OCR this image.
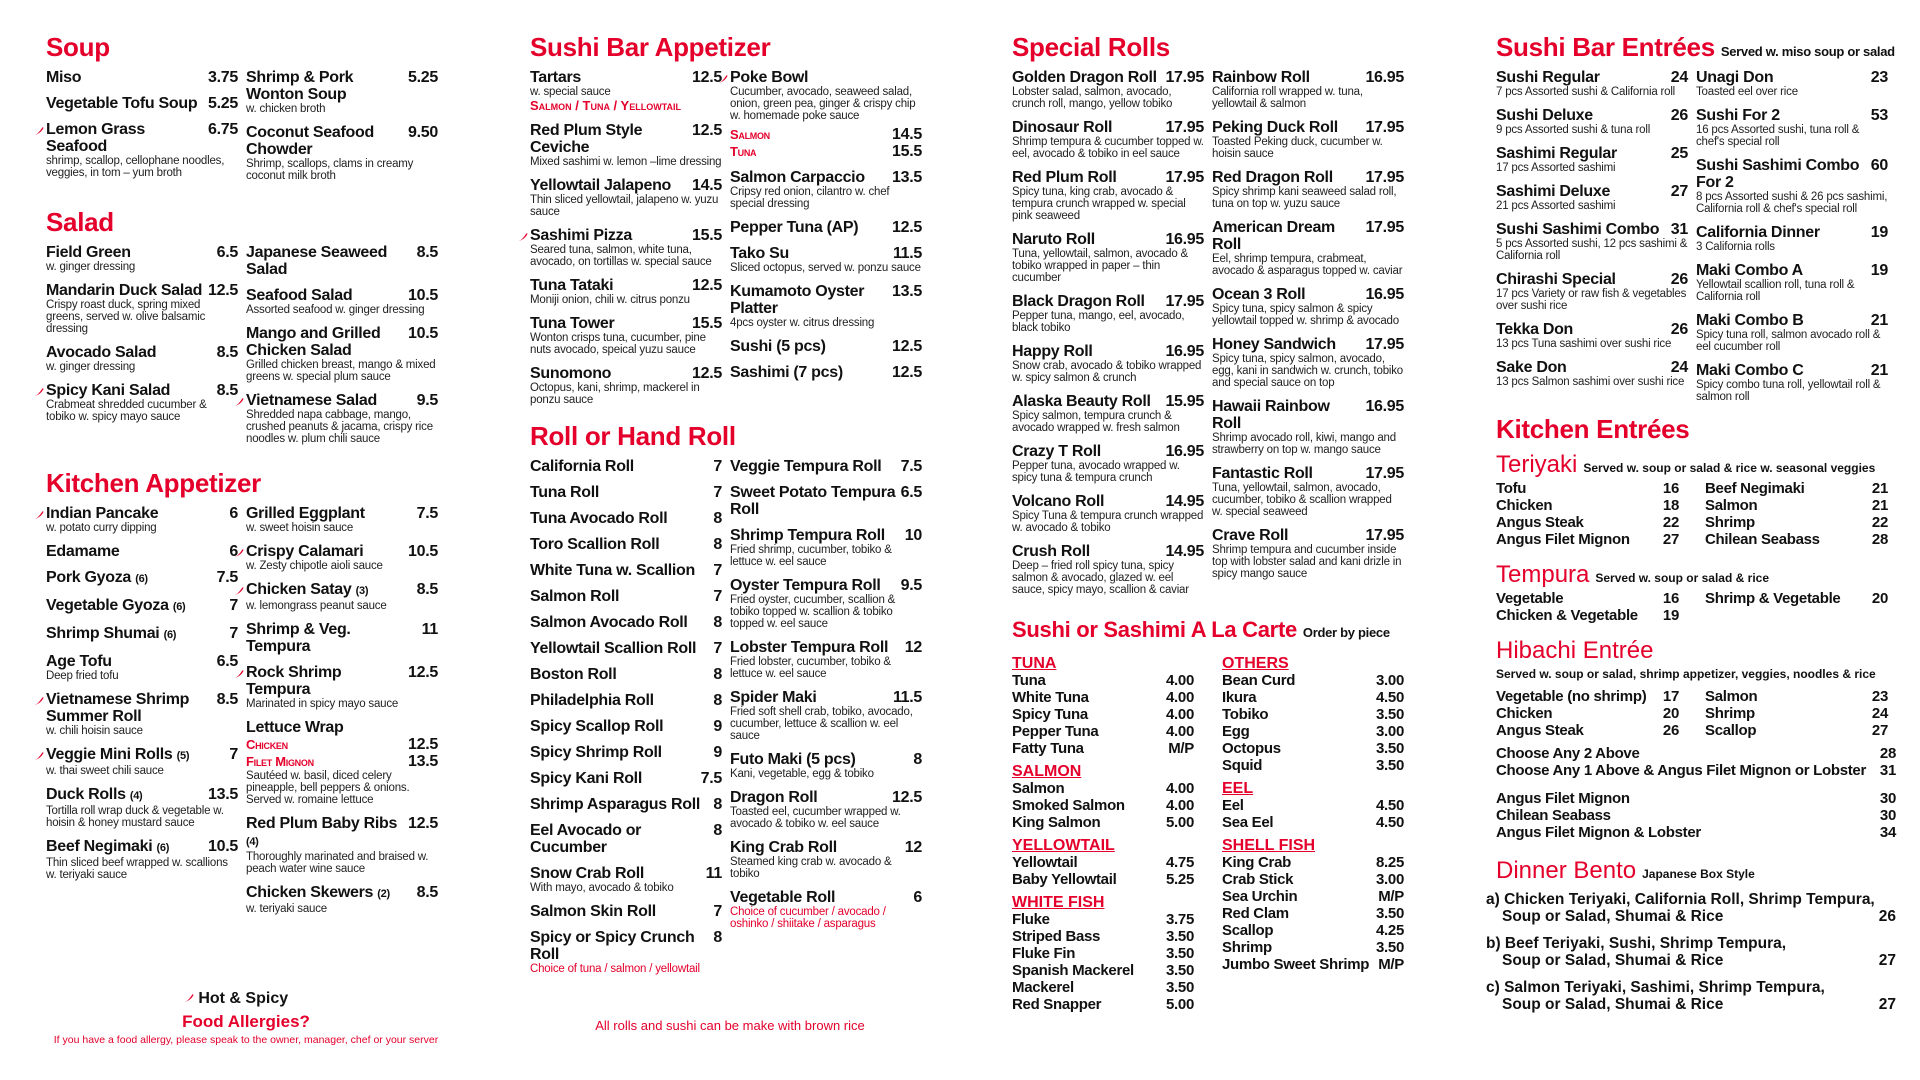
Soup
Miso	3.75
Vegetable Tofu Soup 5.25
Lemon Grass Seafood
6.75
shrimp, scallop, cellophane noodles, veggies, in tom – yum broth
Shrimp & Pork Wonton Soup
5.25
w. chicken broth
Coconut Seafood Chowder
9.50
Shrimp, scallops, clams in creamy coconut milk broth
Salad
Field Green	6.5
w. ginger dressing
Mandarin Duck Salad 12.5
Crispy roast duck, spring mixed greens, served w. olive balsamic dressing
Avocado Salad	8.5
w. ginger dressing
Spicy Kani Salad	8.5
Crabmeat shredded cucumber & tobiko w. spicy mayo sauce
Japanese Seaweed Salad
8.5
Seafood Salad	10.5
Assorted seafood w. ginger dressing
Mango and Grilled Chicken Salad
10.5
Grilled chicken breast, mango & mixed greens w. special plum sauce
Vietnamese Salad	9.5
Shredded napa cabbage, mango, crushed peanuts & jacama, crispy rice noodles w. plum chili sauce
Kitchen Appetizer
Indian Pancake	6
w. potato curry dipping
Edamame	6
Pork Gyoza (6)	7.5
Vegetable Gyoza (6)	7
Shrimp Shumai (6)	7
Age Tofu	6.5
Deep fried tofu
Vietnamese Shrimp Summer Roll
8.5
w. chili hoisin sauce
Veggie Mini Rolls (5)	7
w. thai sweet chili sauce
Duck Rolls (4)	13.5
Tortilla roll wrap duck & vegetable w. hoisin & honey mustard sauce
Beef Negimaki (6)	10.5
Thin sliced beef wrapped w. scallions w. teriyaki sauce
Grilled Eggplant	7.5
w. sweet hoisin sauce
Crispy Calamari	10.5
w. Zesty chipotle aioli sauce
Chicken Satay (3)	8.5
w. lemongrass peanut sauce
Shrimp & Veg. Tempura
11
Rock Shrimp Tempura
12.5
Marinated in spicy mayo sauce
Lettuce Wrap
Chicken	12.5
Filet Mignon	13.5
Sautéed w. basil, diced celery pineapple, bell peppers & onions. Served w. romaine lettuce
Red Plum Baby Ribs (4)
12.5
Thoroughly marinated and braised w. peach water wine sauce
Chicken Skewers (2)	8.5
w. teriyaki sauce
Hot & Spicy
Food Allergies?
If you have a food allergy, please speak to the owner, manager, chef or your server
Sushi Bar Appetizer
Tartars	12.5
w. special sauce
Salmon / Tuna / Yellowtail
Red Plum Style Ceviche
12.5
Mixed sashimi w. lemon –lime dressing
Yellowtail Jalapeno	14.5
Thin sliced yellowtail, jalapeno w. yuzu sauce
Sashimi Pizza	15.5
Seared tuna, salmon, white tuna, avocado, on tortillas w. special sauce
Tuna Tataki	12.5
Moniji onion, chili w. citrus ponzu
Tuna Tower	15.5
Wonton crisps tuna, cucumber, pine nuts avocado, speical yuzu sauce
Sunomono	12.5
Octopus, kani, shrimp, mackerel in ponzu sauce
Poke Bowl
Cucumber, avocado, seaweed salad, onion, green pea, ginger & crispy chip w. homemade poke sauce
Salmon	14.5
Tuna	15.5
Salmon Carpaccio	13.5
Cripsy red onion, cilantro w. chef special dressing
Pepper Tuna (AP)	12.5
Tako Su	11.5
Sliced octopus, served w. ponzu sauce
Kumamoto Oyster Platter
13.5
4pcs oyster w. citrus dressing
Sushi (5 pcs)	12.5
Sashimi (7 pcs)	12.5
Roll or Hand Roll
California Roll	7
Tuna Roll	7
Tuna Avocado Roll	8
Toro Scallion Roll	8
White Tuna w. Scallion	7
Salmon Roll	7
Salmon Avocado Roll	8
Yellowtail Scallion Roll	7
Boston Roll	8
Philadelphia Roll	8
Spicy Scallop Roll	9
Spicy Shrimp Roll	9
Spicy Kani Roll	7.5
Shrimp Asparagus Roll 8
Eel Avocado or Cucumber
8
Snow Crab Roll	11
With mayo, avocado & tobiko
Salmon Skin Roll	7
Spicy or Spicy Crunch Roll
8
Choice of tuna / salmon / yellowtail
Veggie Tempura Roll	7.5
Sweet Potato Tempura Roll
6.5
Shrimp Tempura Roll	10
Fried shrimp, cucumber, tobiko & lettuce w. eel sauce
Oyster Tempura Roll	9.5
Fried oyster, cucumber, scallion & tobiko topped w. scallion & tobiko topped w. eel sauce
Lobster Tempura Roll	12
Fried lobster, cucumber, tobiko & lettuce w. eel sauce
Spider Maki	11.5
Fried soft shell crab, tobiko, avocado, cucumber, lettuce & scallion w. eel sauce
Futo Maki (5 pcs)	8
Kani, vegetable, egg & tobiko
Dragon Roll	12.5
Toasted eel, cucumber wrapped w. avocado & tobiko w. eel sauce
King Crab Roll	12
Steamed king crab w. avocado & tobiko
Vegetable Roll	6
Choice of cucumber / avocado / oshinko / shiitake / asparagus
All rolls and sushi can be make with brown rice
Special Rolls
Golden Dragon Roll 17.95
Lobster salad, salmon, avocado, crunch roll, mango, yellow tobiko
Dinosaur Roll	17.95
Shrimp tempura & cucumber topped w. eel, avocado & tobiko in eel sauce
Red Plum Roll	17.95
Spicy tuna, king crab, avocado & tempura crunch wrapped w. special pink seaweed
Naruto Roll	16.95
Tuna, yellowtail, salmon, avocado & tobiko wrapped in paper – thin cucumber
Black Dragon Roll	17.95
Pepper tuna, mango, eel, avocado, black tobiko
Happy Roll	16.95
Snow crab, avocado & tobiko wrapped w. spicy salmon & crunch
Alaska Beauty Roll 15.95
Spicy salmon, tempura crunch & avocado wrapped w. fresh salmon
Crazy T Roll	16.95
Pepper tuna, avocado wrapped w. spicy tuna & tempura crunch
Volcano Roll	14.95
Spicy Tuna & tempura crunch wrapped w. avocado & tobiko
Crush Roll	14.95
Deep – fried roll spicy tuna, spicy salmon & avocado, glazed w. eel sauce, spicy mayo, scallion & caviar
Rainbow Roll	16.95
California roll wrapped w. tuna, yellowtail & salmon
Peking Duck Roll	17.95
Toasted Peking duck, cucumber w. hoisin sauce
Red Dragon Roll	17.95
Spicy shrimp kani seaweed salad roll, tuna on top w. yuzu sauce
American Dream Roll
17.95
Eel, shrimp tempura, crabmeat, avocado & asparagus topped w. caviar
Ocean 3 Roll	16.95
Spicy tuna, spicy salmon & spicy yellowtail topped w. shrimp & avocado
Honey Sandwich	17.95
Spicy tuna, spicy salmon, avocado, egg, kani in sandwich w. crunch, tobiko and special sauce on top
Hawaii Rainbow Roll
16.95
Shrimp avocado roll, kiwi, mango and strawberry on top w. mango sauce
Fantastic Roll	17.95
Tuna, yellowtail, salmon, avocado, cucumber, tobiko & scallion wrapped w. special seaweed
Crave Roll	17.95
Shrimp tempura and cucumber inside top with lobster salad and kani drizle in spicy mango sauce
Sushi or Sashimi A La Carte Order by piece
TUNA
Tuna	4.00
White Tuna	4.00
Spicy Tuna	4.00
Pepper Tuna	4.00
Fatty Tuna	M/P
SALMON
Salmon	4.00
Smoked Salmon	4.00
King Salmon	5.00
YELLOWTAIL
Yellowtail	4.75
Baby Yellowtail	5.25
WHITE FISH
Fluke	3.75
Striped Bass	3.50
Fluke Fin	3.50
Spanish Mackerel	3.50
Mackerel	3.50
Red Snapper	5.00
OTHERS
Bean Curd	3.00
Ikura	4.50
Tobiko	3.50
Egg	3.00
Octopus	3.50
Squid	3.50
EEL
Eel	4.50
Sea Eel	4.50
SHELL FISH
King Crab	8.25
Crab Stick	3.00
Sea Urchin	M/P
Red Clam	3.50
Scallop	4.25
Shrimp	3.50
Jumbo Sweet Shrimp M/P
Sushi Bar Entrées Served w. miso soup or salad
Sushi Regular	24
7 pcs Assorted sushi & California roll
Sushi Deluxe	26
9 pcs Assorted sushi & tuna roll
Sashimi Regular	25
17 pcs Assorted sashimi
Sashimi Deluxe	27
21 pcs Assorted sashimi
Sushi Sashimi Combo 31
5 pcs Assorted sushi, 12 pcs sashimi & California roll
Chirashi Special	26
17 pcs Variety or raw fish & vegetables over sushi rice
Tekka Don	26
13 pcs Tuna sashimi over sushi rice
Sake Don	24
13 pcs Salmon sashimi over sushi rice
Unagi Don	23
Toasted eel over rice
Sushi For 2	53
16 pcs Assorted sushi, tuna roll & chef's special roll
Sushi Sashimi Combo For 2
60
8 pcs Assorted sushi & 26 pcs sashimi, California roll & chef's special roll
California Dinner	19
3 California rolls
Maki Combo A	19
Yellowtail scallion roll, tuna roll & California roll
Maki Combo B	21
Spicy tuna roll, salmon avocado roll & eel cucumber roll
Maki Combo C	21
Spicy combo tuna roll, yellowtail roll & salmon roll
Kitchen Entrées
Teriyaki Served w. soup or salad & rice w. seasonal veggies
Tofu	16
Chicken	18
Angus Steak	22
Angus Filet Mignon	27
Beef Negimaki	21
Salmon	21
Shrimp	22
Chilean Seabass	28
Tempura Served w. soup or salad & rice
Vegetable	16
Chicken & Vegetable	19
Shrimp & Vegetable	20
Hibachi Entrée
Served w. soup or salad, shrimp appetizer, veggies, noodles & rice
Vegetable (no shrimp)	17
Chicken	20
Angus Steak	26
Salmon	23
Shrimp	24
Scallop	27
Choose Any 2 Above	28
Choose Any 1 Above & Angus Filet Mignon or Lobster 31
Angus Filet Mignon	30
Chilean Seabass	30
Angus Filet Mignon & Lobster	34
Dinner Bento Japanese Box Style
a) Chicken Teriyaki, California Roll, Shrimp Tempura,
Soup or Salad, Shumai & Rice	26
b) Beef Teriyaki, Sushi, Shrimp Tempura,
Soup or Salad, Shumai & Rice	27
c) Salmon Teriyaki, Sashimi, Shrimp Tempura,
Soup or Salad, Shumai & Rice	27
